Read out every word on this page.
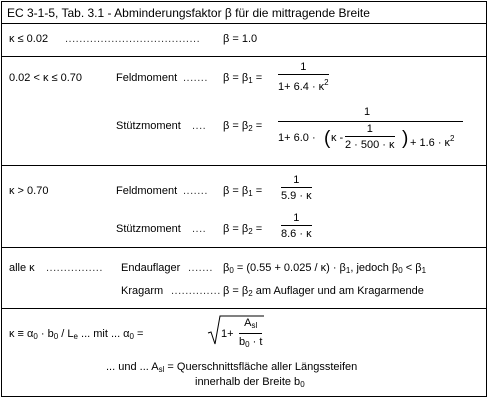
EC 3-1-5, Tab. 3.1 - Abminderungsfaktor β für die mittragende Breite
κ ≤ 0.02 ...................................... β = 1.0
0.02 < κ ≤ 0.70	Feldmoment ....... $\beta = \beta_1 = \frac{1}{1+ 6.4 \cdot \kappa^2}$
Stützmoment .... $\beta = \beta_2$ =
1
1+ 6.0 · ( κ - $\frac{1}{2 \cdot 500 \cdot \kappa}$ ) + $1.6 \cdot \kappa^2$
κ > 0.70	Feldmoment ....... $\beta = \beta_1 = \frac{1}{5.9 \cdot \kappa}$
Stützmoment .... $\beta = \beta_2 = \frac{1}{8.6 \cdot \kappa}$
alle κ ................ Endauflager ....... $\beta_0 = (0.55 + 0.025 / \kappa) \cdot \beta_1$, jedoch $\beta_0 < \beta_1$
Kragarm .............. $\beta = \beta_2$ am Auflager und am Kragarmende
$\kappa \equiv \alpha_0 \cdot b_0 / L_e$ ... mit ... $\alpha_0$ =	1+
$A_{sl}$
$b_0 \cdot t$
... und ... $A_{sl}$ = Querschnittsfläche aller Längssteifen
innerhalb der Breite $b_0$
